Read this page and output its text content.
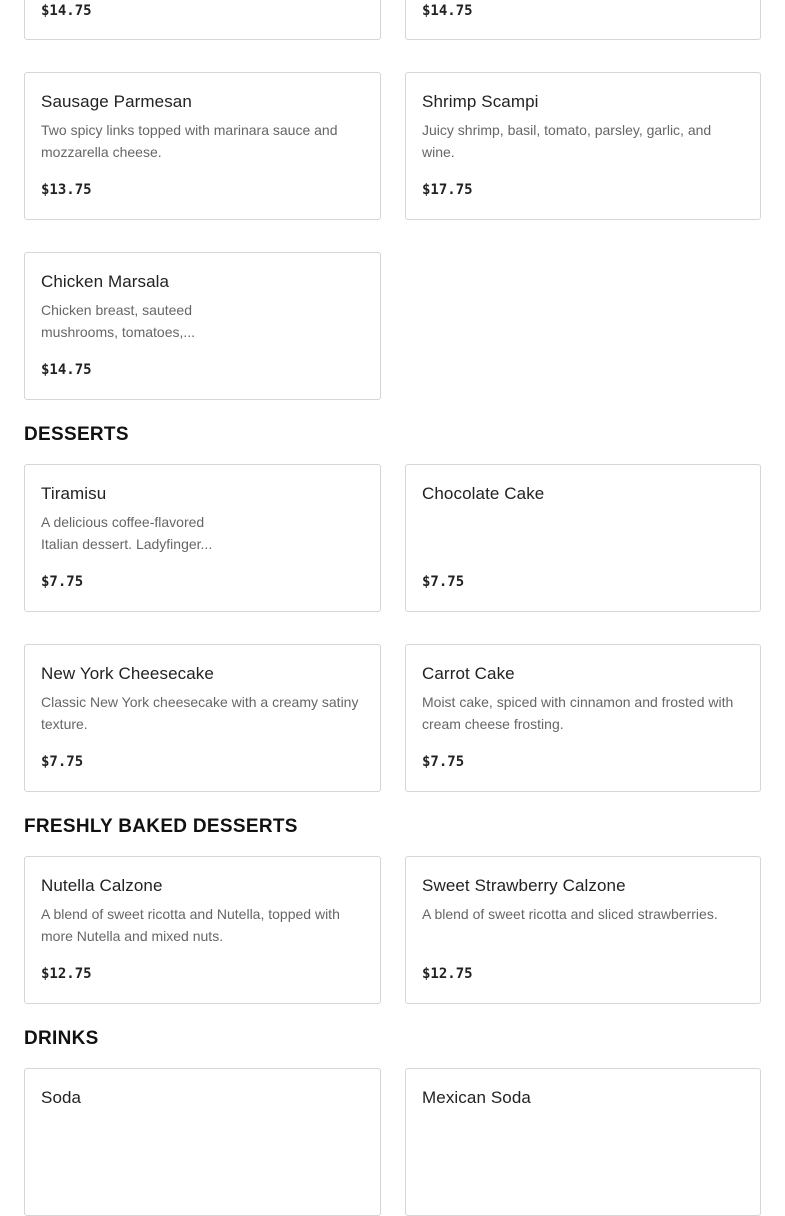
$14.75	$14.75
Sausage Parmesan
Two spicy links topped with marinara sauce and mozzarella cheese.
$13.75
Shrimp Scampi
Juicy shrimp, basil, tomato, parsley, garlic, and wine.
$17.75
Chicken Marsala
Chicken breast, sauteed mushrooms, tomatoes,...
$14.75
DESSERTS
Tiramisu
A delicious coffee-flavored Italian dessert. Ladyfinger...
$7.75
Chocolate Cake
$7.75
New York Cheesecake
Classic New York cheesecake with a creamy satiny texture.
$7.75
Carrot Cake
Moist cake, spiced with cinnamon and frosted with cream cheese frosting.
$7.75
FRESHLY BAKED DESSERTS
Nutella Calzone
A blend of sweet ricotta and Nutella, topped with more Nutella and mixed nuts.
$12.75
Sweet Strawberry Calzone
A blend of sweet ricotta and sliced strawberries.
$12.75
DRINKS
Soda	Mexican Soda
